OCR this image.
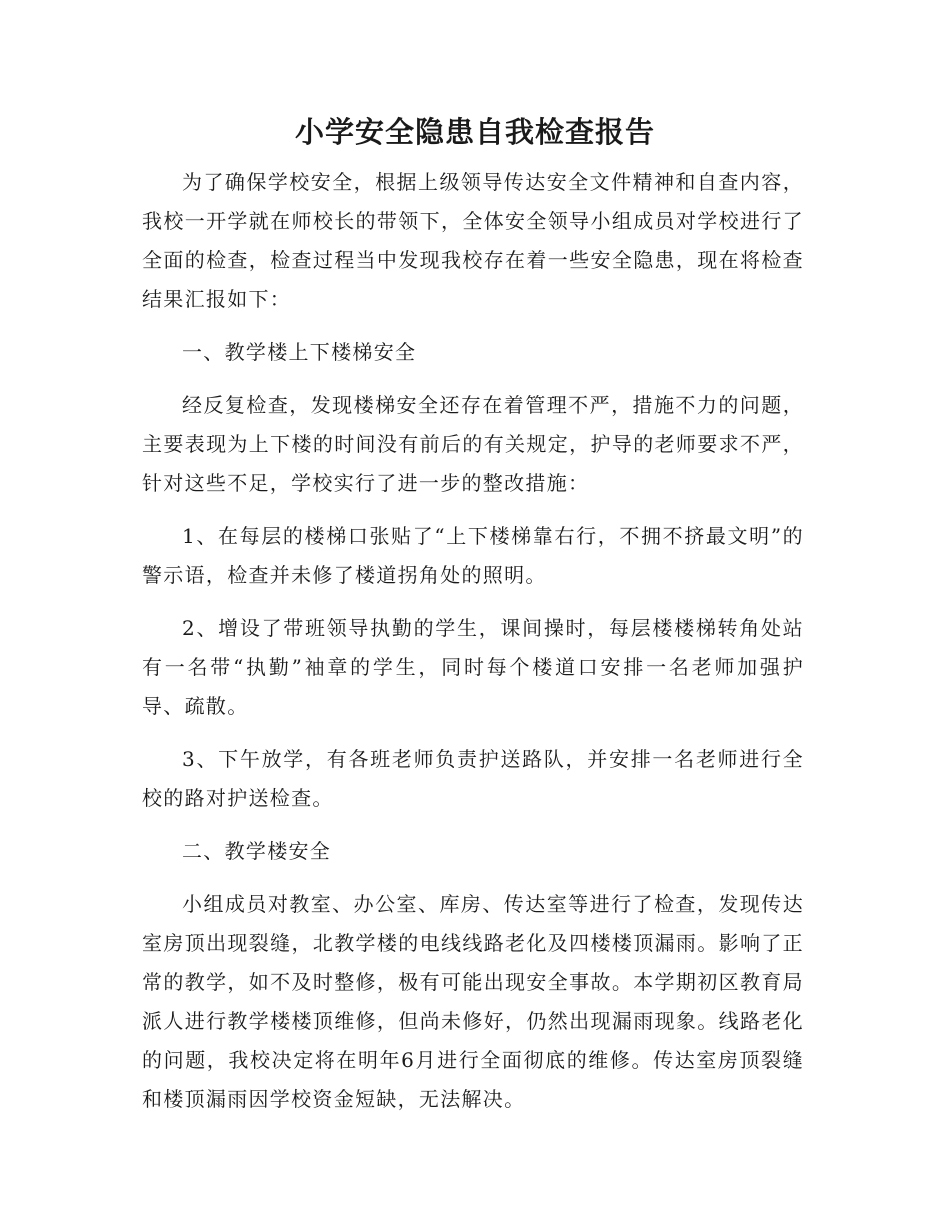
小学安全隐患自我检查报告

为了确保学校安全，根据上级领导传达安全文件精神和自查内容，我校一开学就在师校长的带领下，全体安全领导小组成员对学校进行了全面的检查，检查过程当中发现我校存在着一些安全隐患，现在将检查结果汇报如下：

一、教学楼上下楼梯安全

经反复检查，发现楼梯安全还存在着管理不严，措施不力的问题，主要表现为上下楼的时间没有前后的有关规定，护导的老师要求不严，针对这些不足，学校实行了进一步的整改措施：

1、在每层的楼梯口张贴了“上下楼梯靠右行，不拥不挤最文明”的警示语，检查并未修了楼道拐角处的照明。

2、增设了带班领导执勤的学生，课间操时，每层楼楼梯转角处站有一名带“执勤”袖章的学生，同时每个楼道口安排一名老师加强护导、疏散。

3、下午放学，有各班老师负责护送路队，并安排一名老师进行全校的路对护送检查。

二、教学楼安全

小组成员对教室、办公室、库房、传达室等进行了检查，发现传达室房顶出现裂缝，北教学楼的电线线路老化及四楼楼顶漏雨。影响了正常的教学，如不及时整修，极有可能出现安全事故。本学期初区教育局派人进行教学楼楼顶维修，但尚未修好，仍然出现漏雨现象。线路老化的问题，我校决定将在明年6月进行全面彻底的维修。传达室房顶裂缝和楼顶漏雨因学校资金短缺，无法解决。
